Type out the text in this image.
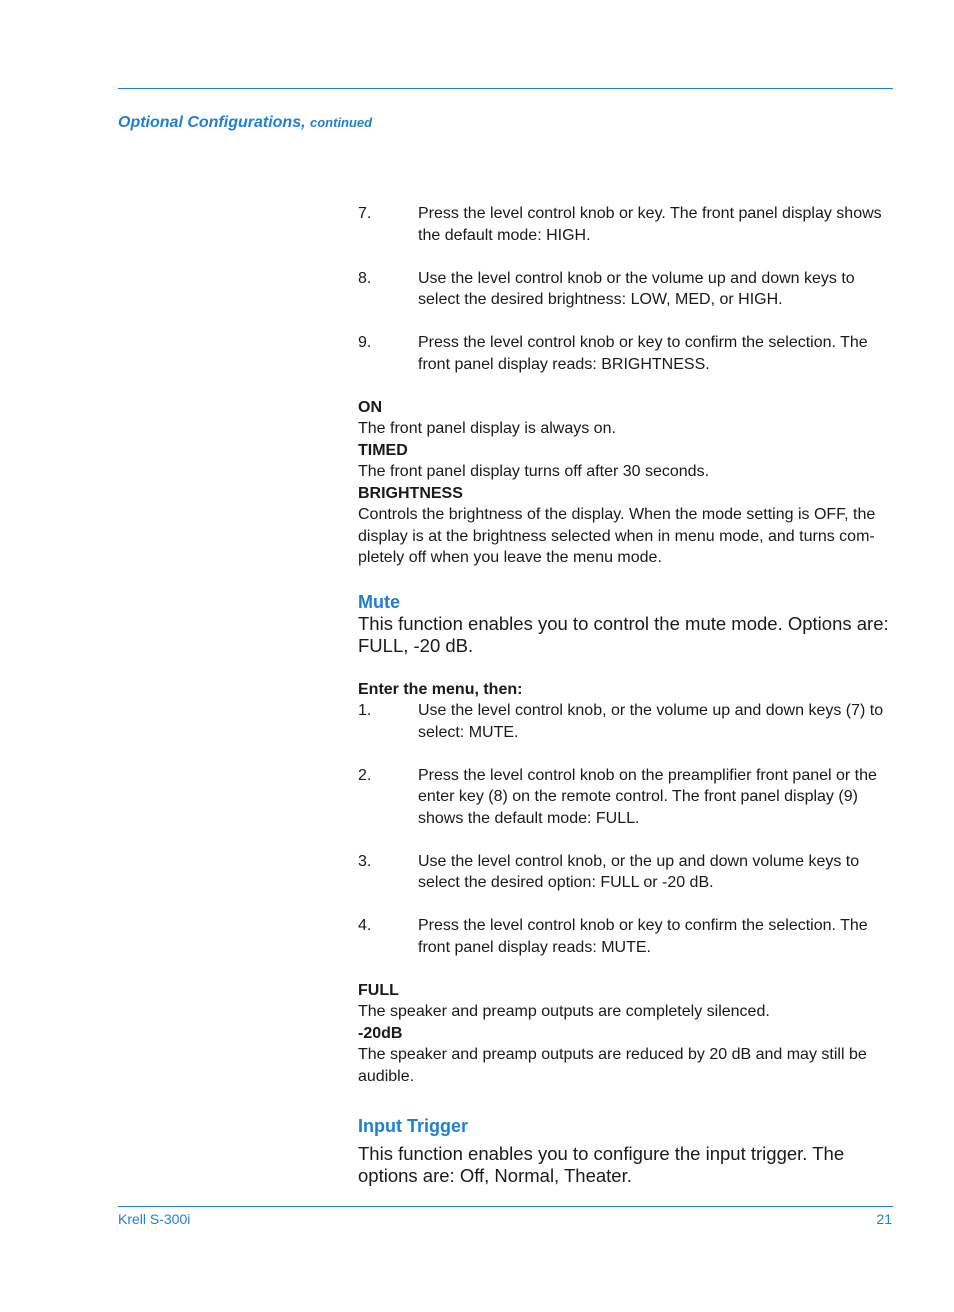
Optional Configurations, continued
7.	Press the level control knob or key. The front panel display shows the default mode: HIGH.
8.	Use the level control knob or the volume up and down keys to select the desired brightness: LOW, MED, or HIGH.
9.	Press the level control knob or key to confirm the selection. The front panel display reads: BRIGHTNESS.
ON

The front panel display is always on.

TIMED

The front panel display turns off after 30 seconds.

BRIGHTNESS

Controls the brightness of the display. When the mode setting is OFF, the display is at the brightness selected when in menu mode, and turns com-pletely off when you leave the menu mode.

Mute

This function enables you to control the mute mode. Options are: FULL, -20 dB.

Enter the menu, then:
1.	Use the level control knob, or the volume up and down keys (7) to select: MUTE.
2.	Press the level control knob on the preamplifier front panel or the enter key (8) on the remote control. The front panel display (9) shows the default mode: FULL.
3.	Use the level control knob, or the up and down volume keys to select the desired option: FULL or -20 dB.
4.	Press the level control knob or key to confirm the selection. The front panel display reads: MUTE.
FULL

The speaker and preamp outputs are completely silenced.

-20dB

The speaker and preamp outputs are reduced by 20 dB and may still be audible.

Input Trigger

This function enables you to configure the input trigger. The options are: Off, Normal, Theater.

Krell S-300i	21
